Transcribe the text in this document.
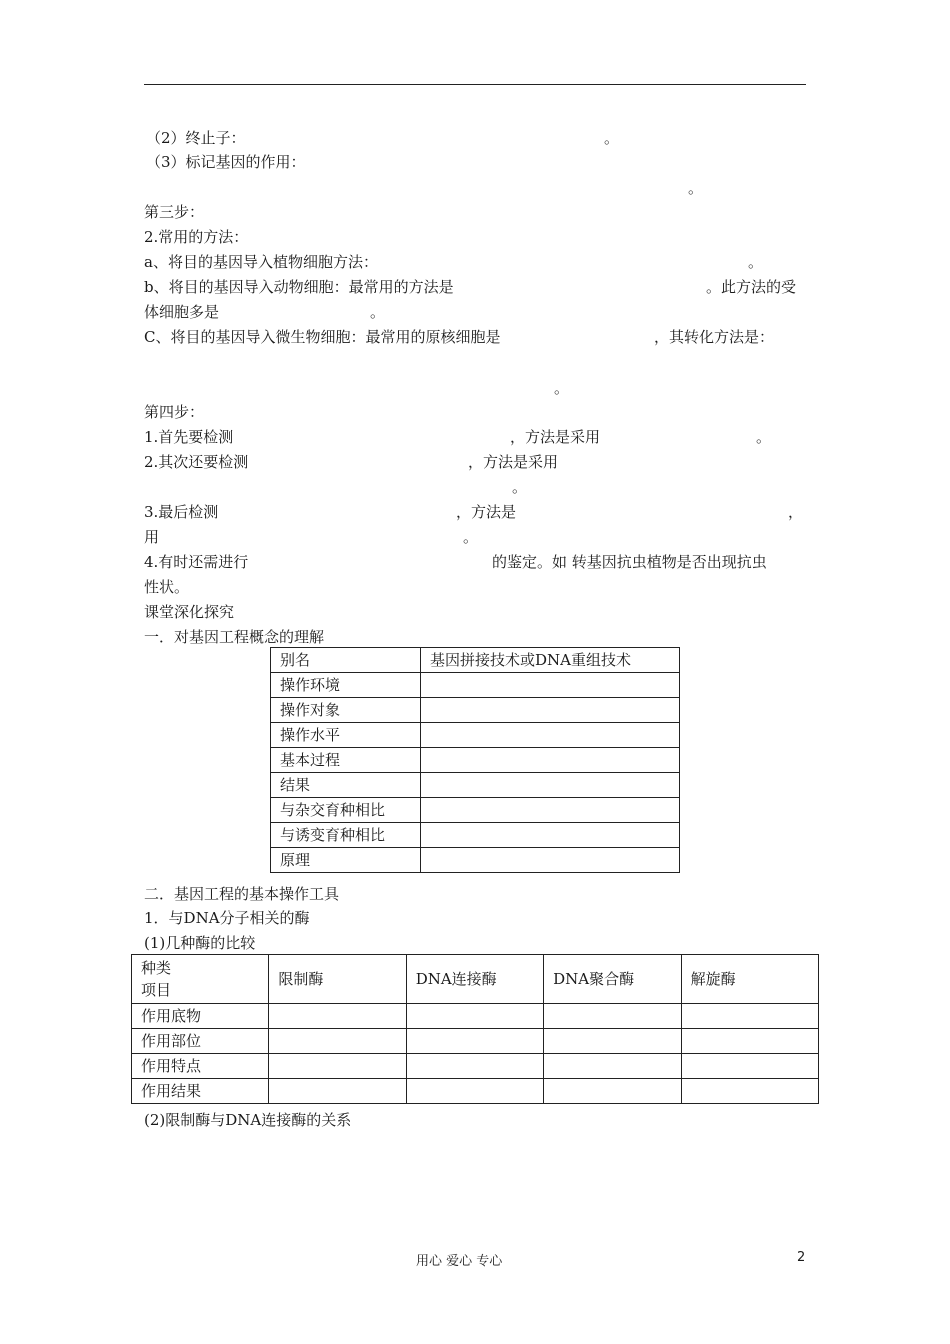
（2）终止子：	。
（3）标记基因的作用：
。
第三步：
2.常用的方法：
a、将目的基因导入植物细胞方法：	。
b、将目的基因导入动物细胞：最常用的方法是	。此方法的受
体细胞多是	。
C、将目的基因导入微生物细胞：最常用的原核细胞是	，其转化方法是：
。
第四步：
1.首先要检测	，方法是采用	。
2.其次还要检测	，方法是采用
。
3.最后检测	，方法是	，
用	。
4.有时还需进行	的鉴定。如 转基因抗虫植物是否出现抗虫
性状。
课堂深化探究
一．对基因工程概念的理解
别名	基因拼接技术或DNA重组技术
操作环境	
操作对象	
操作水平	
基本过程	
结果	
与杂交育种相比	
与诱变育种相比	
原理	
二．基因工程的基本操作工具
1．与DNA分子相关的酶
(1)几种酶的比较
种类
项目	限制酶	DNA连接酶	DNA聚合酶	解旋酶
作用底物				
作用部位				
作用特点				
作用结果				
(2)限制酶与DNA连接酶的关系
用心 爱心 专心	2
